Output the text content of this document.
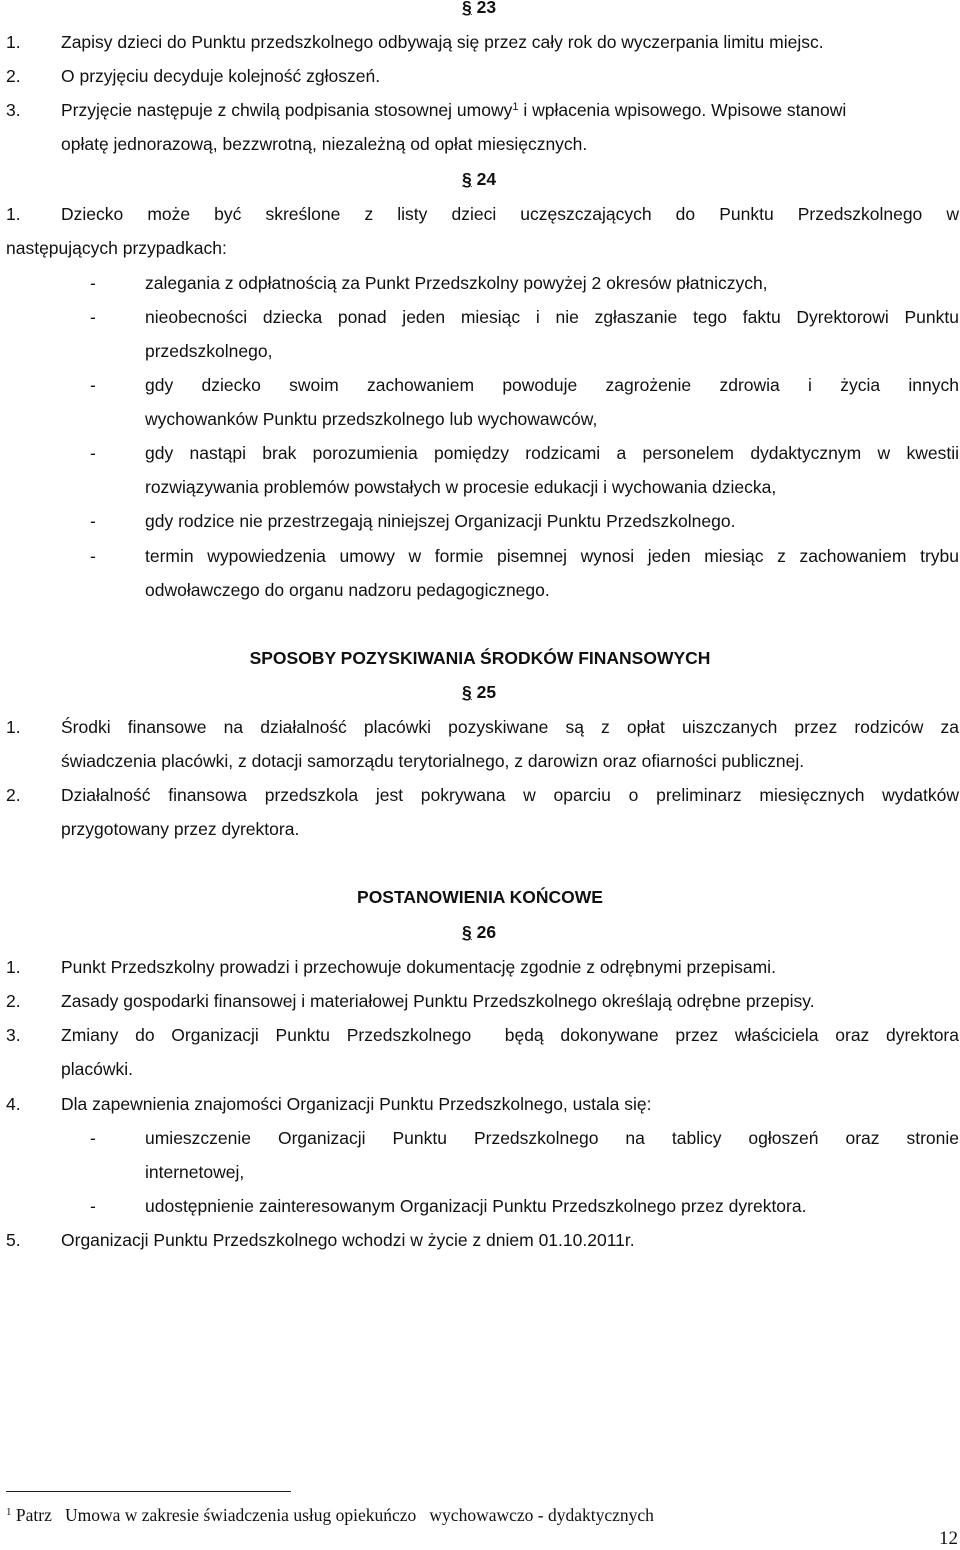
§ 23
1. Zapisy dzieci do Punktu przedszkolnego odbywają się przez cały rok do wyczerpania limitu miejsc.
2. O przyjęciu decyduje kolejność zgłoszeń.
3. Przyjęcie następuje z chwilą podpisania stosownej umowy$^1$ i wpłacenia wpisowego. Wpisowe stanowi
opłatę jednorazową, bezzwrotną, niezależną od opłat miesięcznych.
§ 24
1. Dziecko może być skreślone z listy dzieci uczęszczających do Punktu Przedszkolnego w
następujących przypadkach:
-	zalegania z odpłatnością za Punkt Przedszkolny powyżej 2 okresów płatniczych,
-	nieobecności dziecka ponad jeden miesiąc i nie zgłaszanie tego faktu Dyrektorowi Punktu
przedszkolnego,
-	gdy dziecko swoim zachowaniem powoduje zagrożenie zdrowia i życia innych
wychowanków Punktu przedszkolnego lub wychowawców,
-	gdy nastąpi brak porozumienia pomiędzy rodzicami a personelem dydaktycznym w kwestii
rozwiązywania problemów powstałych w procesie edukacji i wychowania dziecka,
-	gdy rodzice nie przestrzegają niniejszej Organizacji Punktu Przedszkolnego.
-	termin wypowiedzenia umowy w formie pisemnej wynosi jeden miesiąc z zachowaniem trybu
odwoławczego do organu nadzoru pedagogicznego.
SPOSOBY POZYSKIWANIA ŚRODKÓW FINANSOWYCH
§ 25
1. Środki finansowe na działalność placówki pozyskiwane są z opłat uiszczanych przez rodziców za
świadczenia placówki, z dotacji samorządu terytorialnego, z darowizn oraz ofiarności publicznej.
2. Działalność finansowa przedszkola jest pokrywana w oparciu o preliminarz miesięcznych wydatków
przygotowany przez dyrektora.
POSTANOWIENIA KOŃCOWE
§ 26
1. Punkt Przedszkolny prowadzi i przechowuje dokumentację zgodnie z odrębnymi przepisami.
2. Zasady gospodarki finansowej i materiałowej Punktu Przedszkolnego określają odrębne przepisy.
3. Zmiany do Organizacji Punktu Przedszkolnego  będą dokonywane przez właściciela oraz dyrektora
placówki.
4. Dla zapewnienia znajomości Organizacji Punktu Przedszkolnego, ustala się:
-	umieszczenie Organizacji Punktu Przedszkolnego na tablicy ogłoszeń oraz stronie
internetowej,
-	udostępnienie zainteresowanym Organizacji Punktu Przedszkolnego przez dyrektora.
5. Organizacji Punktu Przedszkolnego wchodzi w życie z dniem 01.10.2011r.
$^1$ Patrz   Umowa w zakresie świadczenia usług opiekuńczo   wychowawczo - dydaktycznych
12
